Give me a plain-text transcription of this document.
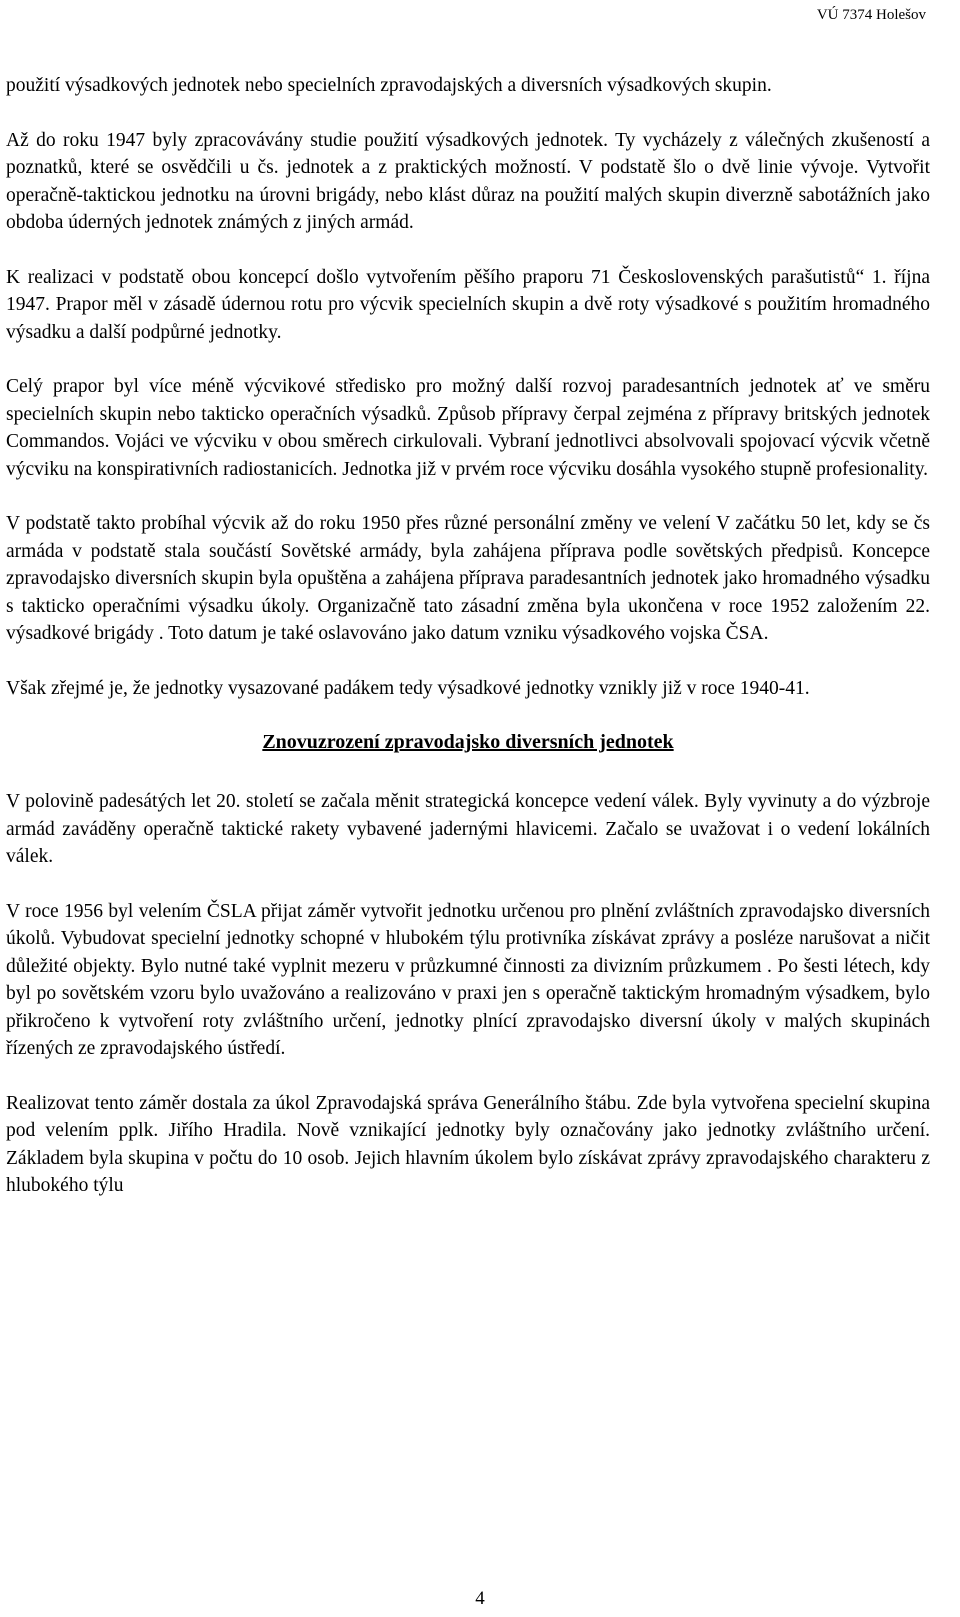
VÚ 7374 Holešov

použití výsadkových jednotek nebo specielních zpravodajských a diversních výsadkových skupin.

Až do roku 1947 byly zpracovávány studie použití výsadkových jednotek. Ty vycházely z válečných zkušeností a poznatků, které se osvědčili u čs. jednotek a z praktických možností. V podstatě šlo o dvě linie vývoje. Vytvořit operačně-taktickou jednotku na úrovni brigády, nebo klást důraz na použití malých skupin diverzně sabotážních jako obdoba úderných jednotek známých z jiných armád.

K realizaci v podstatě obou koncepcí došlo vytvořením pěšího praporu 71 Československých parašutistů“ 1. října 1947. Prapor měl v zásadě údernou rotu pro výcvik specielních skupin a dvě roty výsadkové s použitím hromadného výsadku a další podpůrné jednotky.

Celý prapor byl více méně výcvikové středisko pro možný další rozvoj paradesantních jednotek ať ve směru specielních skupin nebo takticko operačních výsadků. Způsob přípravy čerpal zejména z přípravy britských jednotek Commandos. Vojáci ve výcviku v obou směrech cirkulovali. Vybraní jednotlivci absolvovali spojovací výcvik včetně výcviku na konspirativních radiostanicích. Jednotka již v prvém roce výcviku dosáhla vysokého stupně profesionality.

V podstatě takto probíhal výcvik až do roku 1950 přes různé personální změny ve velení V začátku 50 let, kdy se čs armáda v podstatě stala součástí Sovětské armády, byla zahájena příprava podle sovětských předpisů. Koncepce zpravodajsko diversních skupin byla opuštěna a zahájena příprava paradesantních jednotek jako hromadného výsadku s takticko operačními výsadku úkoly. Organizačně tato zásadní změna byla ukončena v roce 1952 založením 22. výsadkové brigády . Toto datum je také oslavováno jako datum vzniku výsadkového vojska ČSA.

Však zřejmé je, že jednotky vysazované padákem tedy výsadkové jednotky vznikly již v roce 1940-41.

Znovuzrození zpravodajsko diversních jednotek

V polovině padesátých let 20. století se začala měnit strategická koncepce vedení válek. Byly vyvinuty a do výzbroje armád zaváděny operačně taktické rakety vybavené jadernými hlavicemi. Začalo se uvažovat i o vedení lokálních válek.

V roce 1956 byl velením ČSLA přijat záměr vytvořit jednotku určenou pro plnění zvláštních zpravodajsko diversních úkolů. Vybudovat specielní jednotky schopné v hlubokém týlu protivníka získávat zprávy a posléze narušovat a ničit důležité objekty. Bylo nutné také vyplnit mezeru v průzkumné činnosti za divizním průzkumem . Po šesti létech, kdy byl po sovětském vzoru bylo uvažováno a realizováno v praxi jen s operačně taktickým hromadným výsadkem, bylo přikročeno k vytvoření roty zvláštního určení, jednotky plnící zpravodajsko diversní úkoly v malých skupinách řízených ze zpravodajského ústředí.

Realizovat tento záměr dostala za úkol Zpravodajská správa Generálního štábu. Zde byla vytvořena specielní skupina pod velením pplk. Jiřího Hradila. Nově vznikající jednotky byly označovány jako jednotky zvláštního určení. Základem byla skupina v počtu do 10 osob. Jejich hlavním úkolem bylo získávat zprávy zpravodajského charakteru z hlubokého týlu

4
